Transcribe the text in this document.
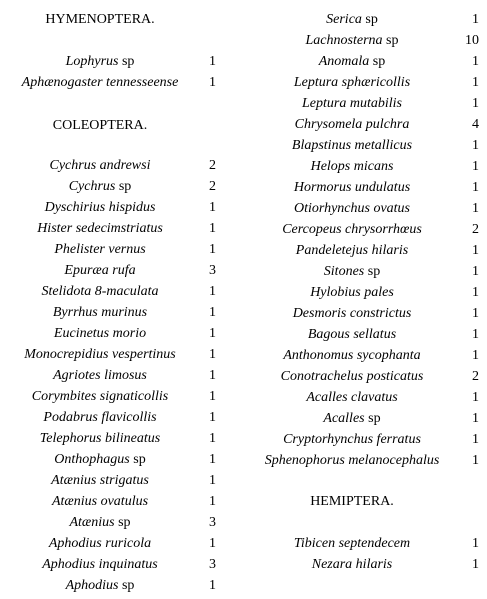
HYMENOPTERA.
Lophyrus sp	1
Aphænogaster tennesseense	1
COLEOPTERA.
Cychrus andrewsi	2
Cychrus sp	2
Dyschirius hispidus	1
Hister sedecimstriatus	1
Phelister vernus	1
Epuræa rufa	3
Stelidota 8-maculata	1
Byrrhus murinus	1
Eucinetus morio	1
Monocrepidius vespertinus	1
Agriotes limosus	1
Corymbites signaticollis	1
Podabrus flavicollis	1
Telephorus bilineatus	1
Onthophagus sp	1
Atænius strigatus	1
Atænius ovatulus	1
Atænius sp	3
Aphodius ruricola	1
Aphodius inquinatus	3
Aphodius sp	1
Serica sp	1
Lachnosterna sp	10
Anomala sp	1
Leptura sphæricollis	1
Leptura mutabilis	1
Chrysomela pulchra	4
Blapstinus metallicus	1
Helops micans	1
Hormorus undulatus	1
Otiorhynchus ovatus	1
Cercopeus chrysorrhœus	2
Pandeletejus hilaris	1
Sitones sp	1
Hylobius pales	1
Desmoris constrictus	1
Bagous sellatus	1
Anthonomus sycophanta	1
Conotrachelus posticatus	2
Acalles clavatus	1
Acalles sp	1
Cryptorhynchus ferratus	1
Sphenophorus melanocephalus	1
HEMIPTERA.
Tibicen septendecem	1
Nezara hilaris	1
